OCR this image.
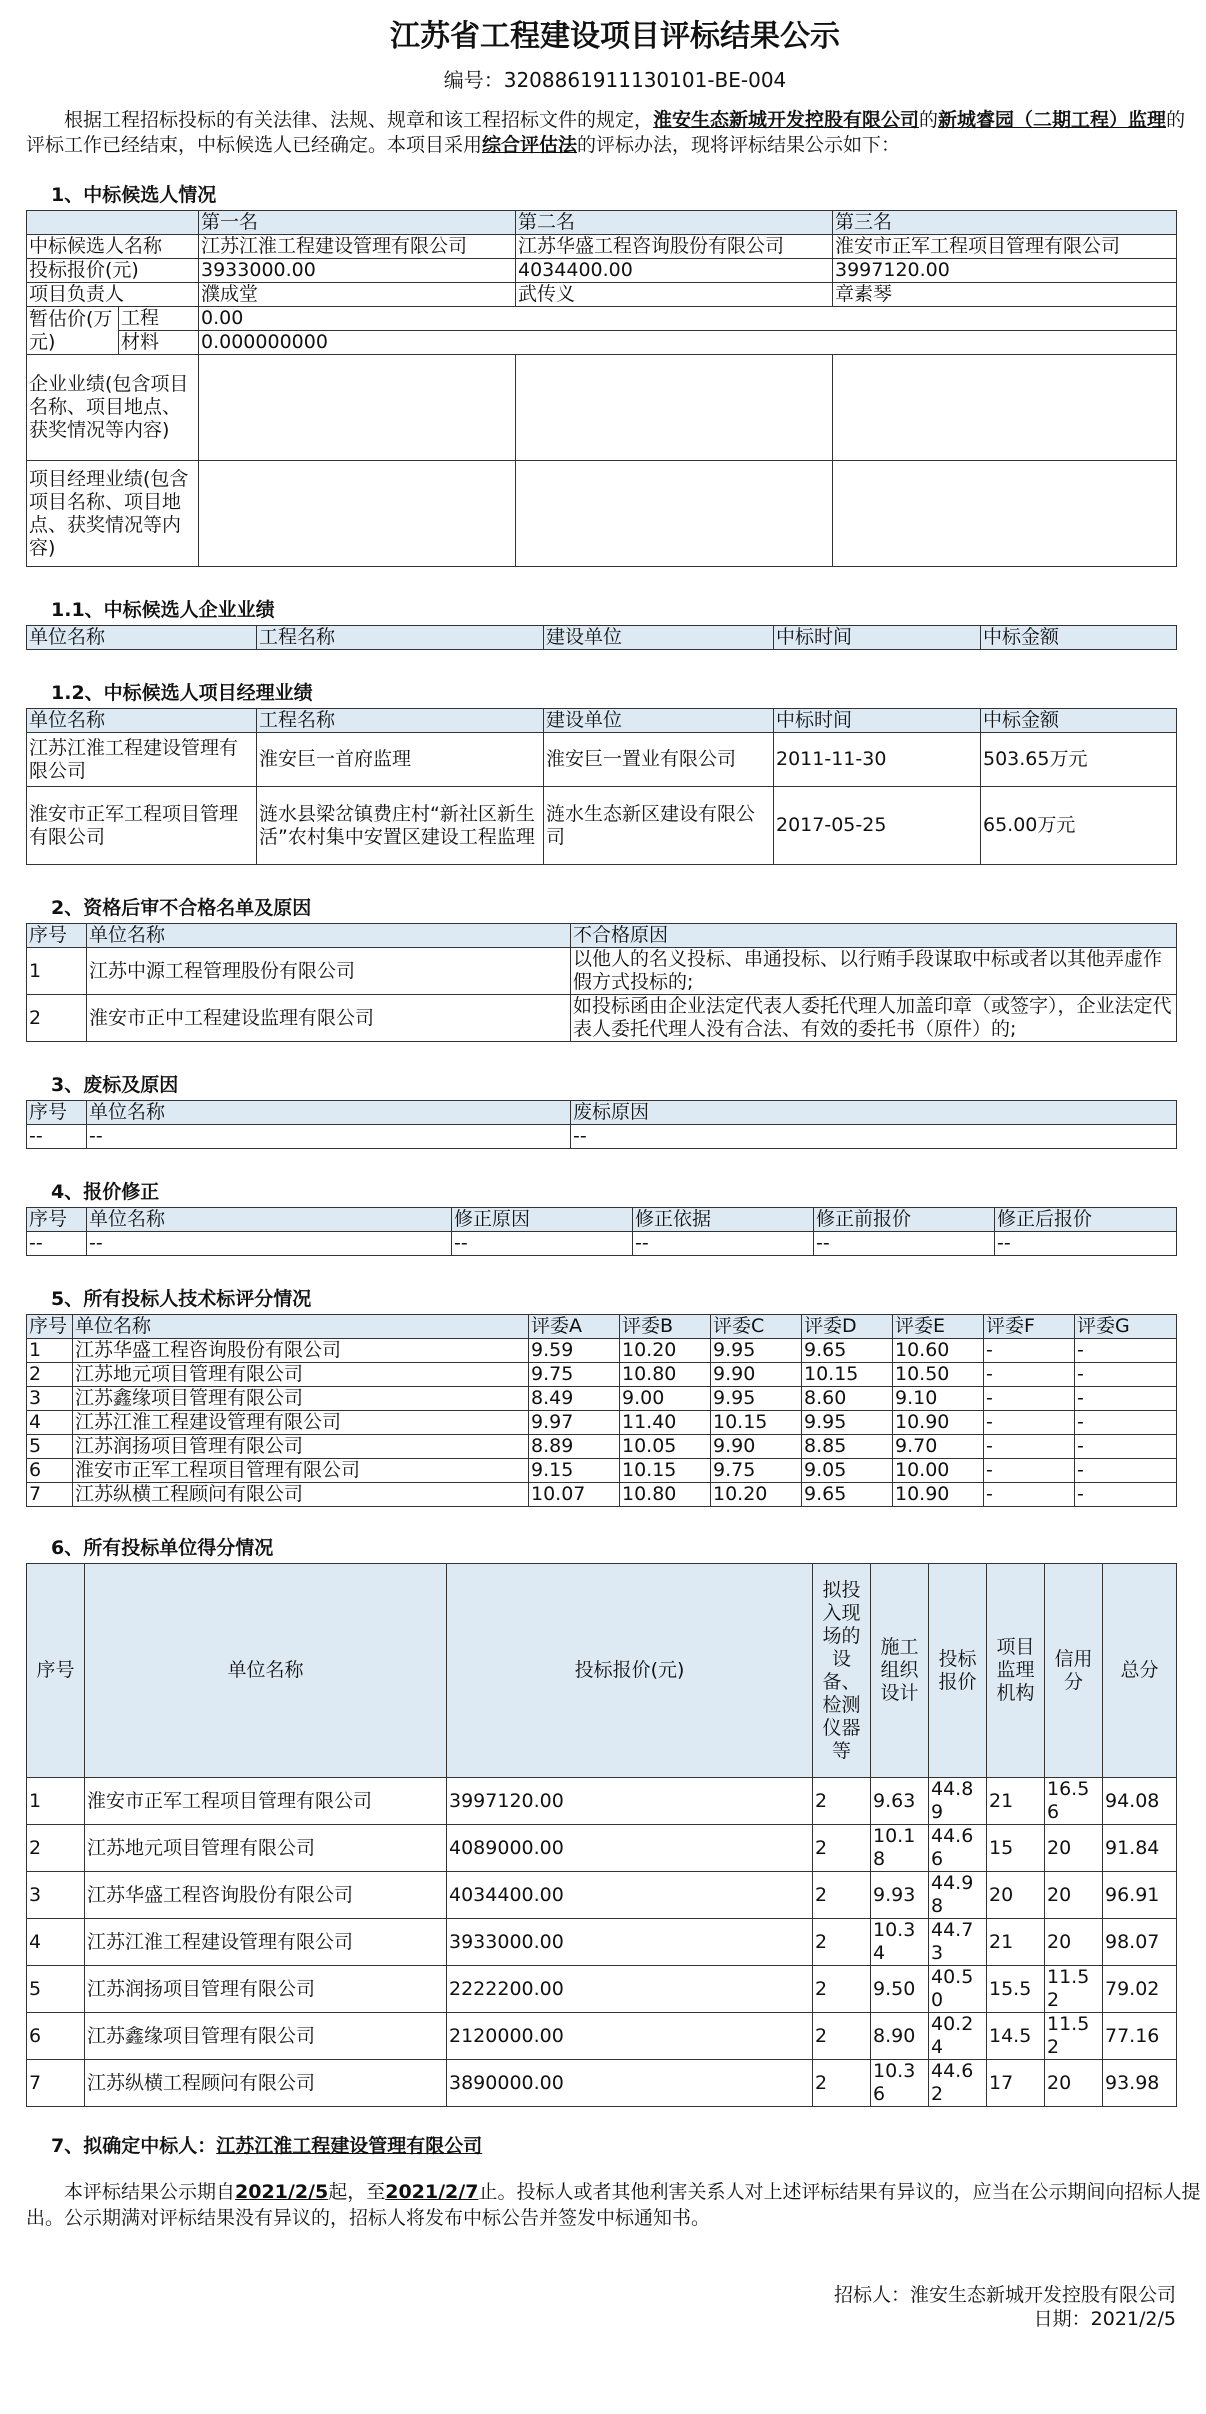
江苏省工程建设项目评标结果公示
编号：3208861911130101-BE-004
根据工程招标投标的有关法律、法规、规章和该工程招标文件的规定，淮安生态新城开发控股有限公司的新城睿园（二期工程）监理的评标工作已经结束，中标候选人已经确定。本项目采用综合评估法的评标办法，现将评标结果公示如下：
1、中标候选人情况
		第一名	第二名	第三名
中标候选人名称		江苏江淮工程建设管理有限公司	江苏华盛工程咨询股份有限公司	淮安市正军工程项目管理有限公司
投标报价(元)		3933000.00	4034400.00	3997120.00
项目负责人		濮成堂	武传义	章素琴
暂估价(万元)	工程	0.00		
	材料	0.000000000		
企业业绩(包含项目名称、项目地点、获奖情况等内容)				
项目经理业绩(包含项目名称、项目地点、获奖情况等内容)				
1.1、中标候选人企业业绩
单位名称	工程名称	建设单位	中标时间	中标金额
1.2、中标候选人项目经理业绩
单位名称	工程名称	建设单位	中标时间	中标金额
江苏江淮工程建设管理有限公司	淮安巨一首府监理	淮安巨一置业有限公司	2011-11-30	503.65万元
淮安市正军工程项目管理有限公司	涟水县梁岔镇费庄村“新社区新生活”农村集中安置区建设工程监理	涟水生态新区建设有限公司	2017-05-25	65.00万元
2、资格后审不合格名单及原因
序号	单位名称	不合格原因
1	江苏中源工程管理股份有限公司	以他人的名义投标、串通投标、以行贿手段谋取中标或者以其他弄虚作假方式投标的;
2	淮安市正中工程建设监理有限公司	如投标函由企业法定代表人委托代理人加盖印章（或签字），企业法定代表人委托代理人没有合法、有效的委托书（原件）的;
3、废标及原因
序号	单位名称	废标原因
--	--	--
4、报价修正
序号	单位名称	修正原因	修正依据	修正前报价	修正后报价
--	--	--	--	--	--
5、所有投标人技术标评分情况
序号	单位名称	评委A	评委B	评委C	评委D	评委E	评委F	评委G
1	江苏华盛工程咨询股份有限公司	9.59	10.20	9.95	9.65	10.60	-	-
2	江苏地元项目管理有限公司	9.75	10.80	9.90	10.15	10.50	-	-
3	江苏鑫缘项目管理有限公司	8.49	9.00	9.95	8.60	9.10	-	-
4	江苏江淮工程建设管理有限公司	9.97	11.40	10.15	9.95	10.90	-	-
5	江苏润扬项目管理有限公司	8.89	10.05	9.90	8.85	9.70	-	-
6	淮安市正军工程项目管理有限公司	9.15	10.15	9.75	9.05	10.00	-	-
7	江苏纵横工程顾问有限公司	10.07	10.80	10.20	9.65	10.90	-	-
6、所有投标单位得分情况
序号	单位名称	投标报价(元)	拟投入现场的设备、检测仪器等	施工组织设计	投标报价	项目监理机构	信用分	总分
1	淮安市正军工程项目管理有限公司	3997120.00	2	9.63	44.89	21	16.56	94.08
2	江苏地元项目管理有限公司	4089000.00	2	10.18	44.66	15	20	91.84
3	江苏华盛工程咨询股份有限公司	4034400.00	2	9.93	44.98	20	20	96.91
4	江苏江淮工程建设管理有限公司	3933000.00	2	10.34	44.73	21	20	98.07
5	江苏润扬项目管理有限公司	2222200.00	2	9.50	40.50	15.5	11.52	79.02
6	江苏鑫缘项目管理有限公司	2120000.00	2	8.90	40.24	14.5	11.52	77.16
7	江苏纵横工程顾问有限公司	3890000.00	2	10.36	44.62	17	20	93.98
7、拟确定中标人：江苏江淮工程建设管理有限公司
本评标结果公示期自2021/2/5起，至2021/2/7止。投标人或者其他利害关系人对上述评标结果有异议的，应当在公示期间向招标人提出。公示期满对评标结果没有异议的，招标人将发布中标公告并签发中标通知书。
招标人：淮安生态新城开发控股有限公司
日期：2021/2/5
